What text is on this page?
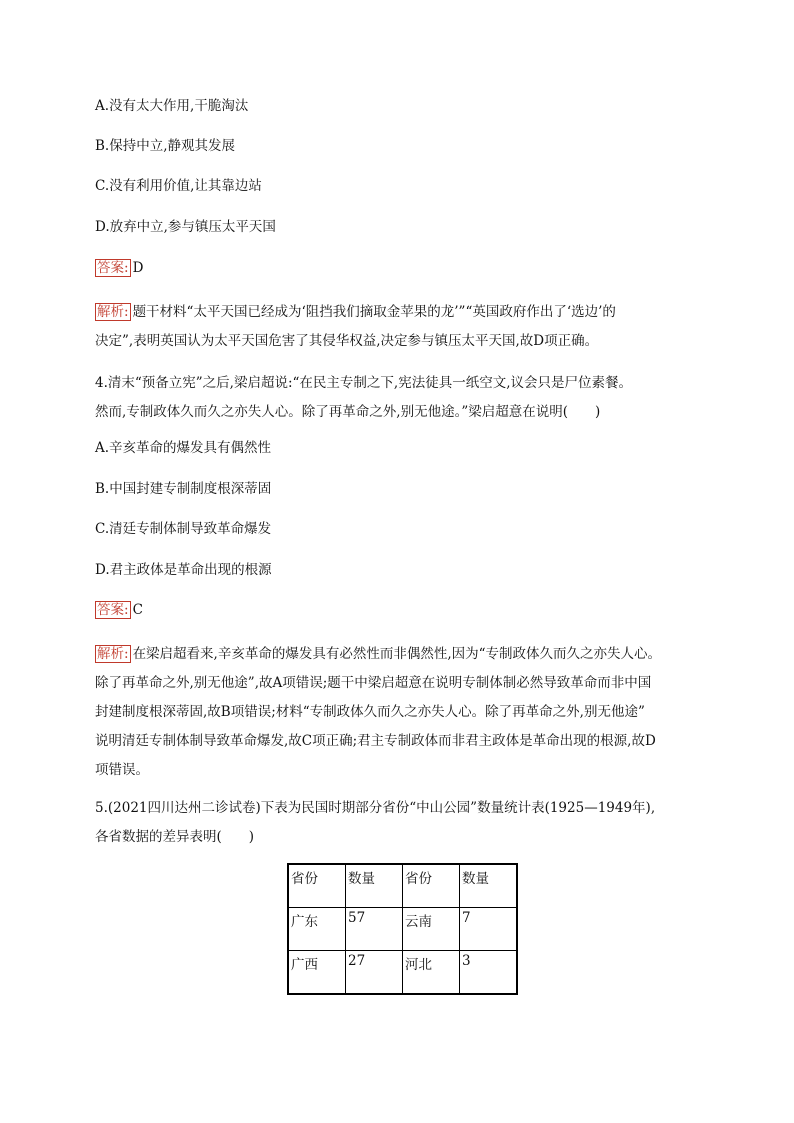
A.没有太大作用,干脆淘汰
B.保持中立,静观其发展
C.没有利用价值,让其靠边站
D.放弃中立,参与镇压太平天国
答案: D
解析: 题干材料“太平天国已经成为‘阻挡我们摘取金苹果的龙’”“英国政府作出了‘选边’的
决定”,表明英国认为太平天国危害了其侵华权益,决定参与镇压太平天国,故D项正确。
4.清末“预备立宪”之后,梁启超说:“在民主专制之下,宪法徒具一纸空文,议会只是尸位素餐。
然而,专制政体久而久之亦失人心。除了再革命之外,别无他途。”梁启超意在说明(　　)
A.辛亥革命的爆发具有偶然性
B.中国封建专制制度根深蒂固
C.清廷专制体制导致革命爆发
D.君主政体是革命出现的根源
答案: C
解析: 在梁启超看来,辛亥革命的爆发具有必然性而非偶然性,因为“专制政体久而久之亦失人心。
除了再革命之外,别无他途”,故A项错误;题干中梁启超意在说明专制体制必然导致革命而非中国
封建制度根深蒂固,故B项错误;材料“专制政体久而久之亦失人心。除了再革命之外,别无他途”
说明清廷专制体制导致革命爆发,故C项正确;君主专制政体而非君主政体是革命出现的根源,故D
项错误。
5.(2021四川达州二诊试卷)下表为民国时期部分省份“中山公园”数量统计表(1925—1949年),
各省数据的差异表明(　　)
省份	数量	省份	数量
广东	57	云南	7
广西	27	河北	3
